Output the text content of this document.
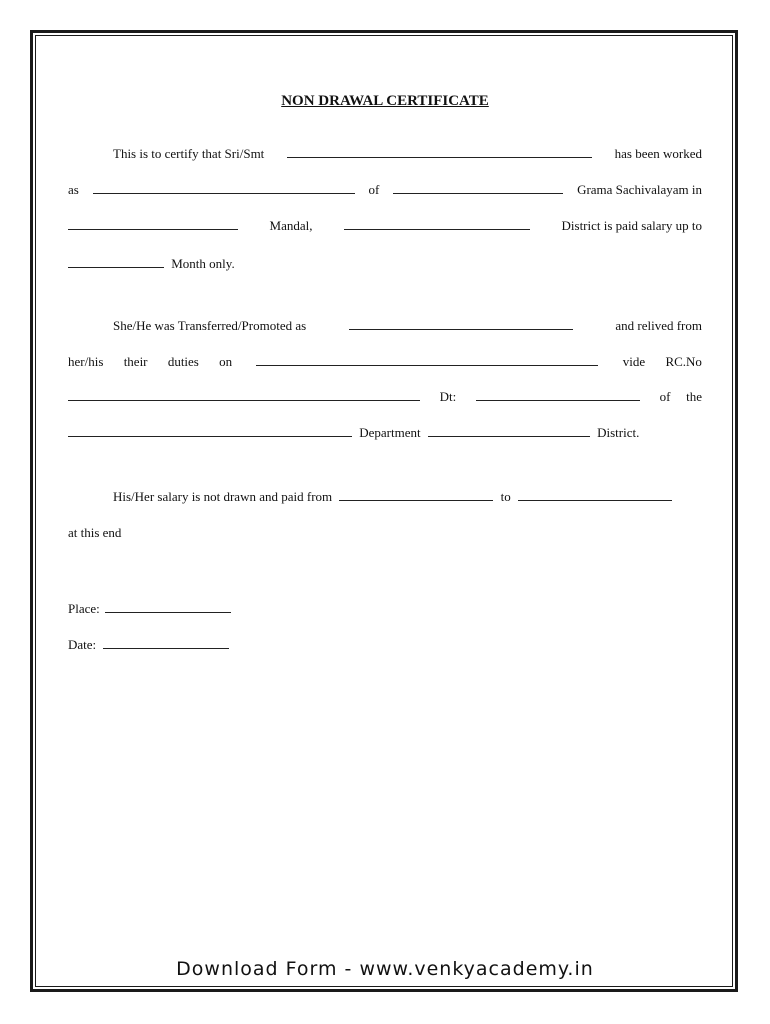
NON DRAWAL CERTIFICATE
This is to certify that Sri/Smt	has been worked
as	of	Grama Sachivalayam in
Mandal,	District is paid salary up to
Month only.
She/He was Transferred/Promoted as	and relived from
her/his their duties on	vide RC.No
Dt:	of the
Department	District.
His/Her salary is not drawn and paid from	to
at this end
Place:
Date:
Download Form - www.venkyacademy.in
